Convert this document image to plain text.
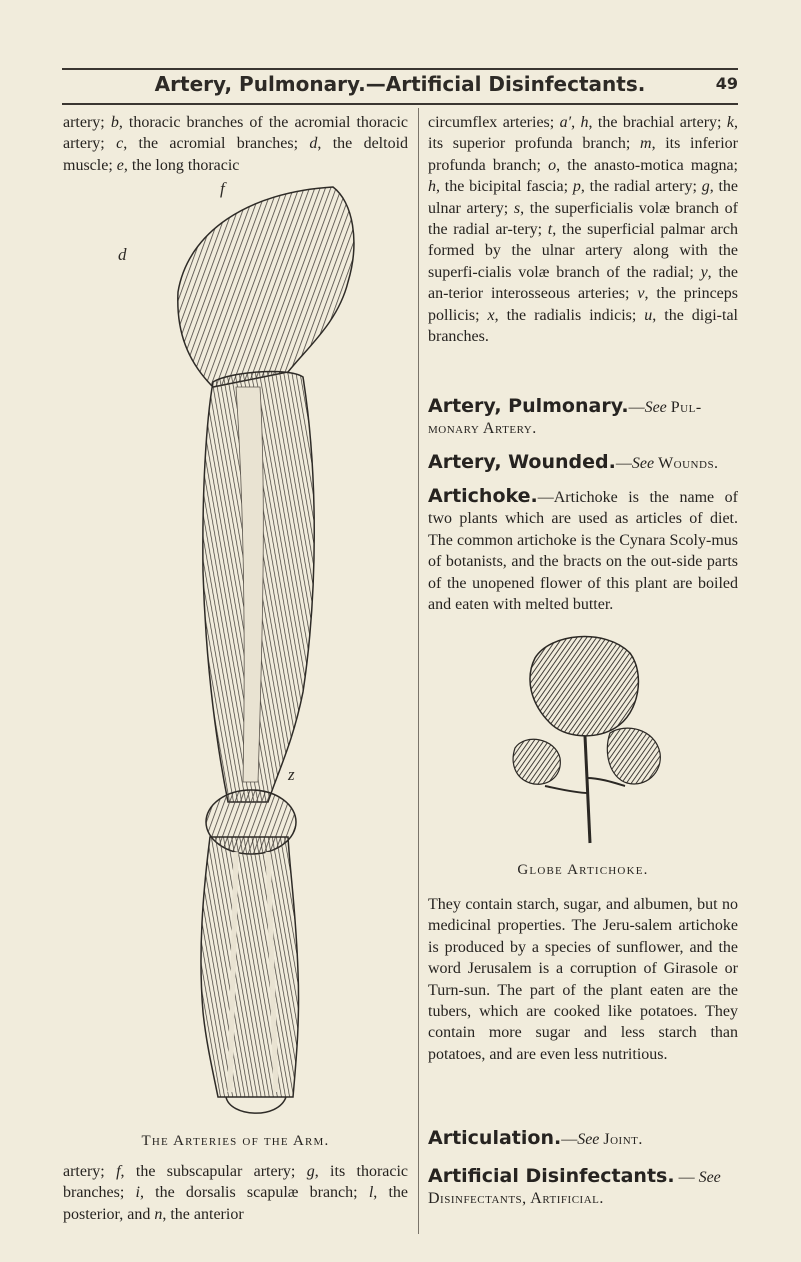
Artery, Pulmonary.—Artificial Disinfectants.	49

artery; b, thoracic branches of the acromial thoracic artery; c, the acromial branches; d, the deltoid muscle; e, the long thoracic

f
d
z

The Arteries of the Arm.

artery; f, the subscapular artery; g, its thoracic branches; i, the dorsalis scapulæ branch; l, the posterior, and n, the anterior

circumflex arteries; a′, h, the brachial artery; k, its superior profunda branch; m, its inferior profunda branch; o, the anasto-motica magna; h, the bicipital fascia; p, the radial artery; g, the ulnar artery; s, the superficialis volæ branch of the radial ar-tery; t, the superficial palmar arch formed by the ulnar artery along with the superfi-cialis volæ branch of the radial; y, the an-terior interosseous arteries; v, the princeps pollicis; x, the radialis indicis; u, the digi-tal branches.

Artery, Pulmonary.—See Pul-monary Artery.

Artery, Wounded.—See Wounds.

Artichoke.—Artichoke is the name of two plants which are used as articles of diet. The common artichoke is the Cynara Scoly-mus of botanists, and the bracts on the out-side parts of the unopened flower of this plant are boiled and eaten with melted butter.

Globe Artichoke.

They contain starch, sugar, and albumen, but no medicinal properties. The Jeru-salem artichoke is produced by a species of sunflower, and the word Jerusalem is a corruption of Girasole or Turn-sun. The part of the plant eaten are the tubers, which are cooked like potatoes. They contain more sugar and less starch than potatoes, and are even less nutritious.

Articulation.—See Joint.

Artificial Disinfectants. — See Disinfectants, Artificial.
